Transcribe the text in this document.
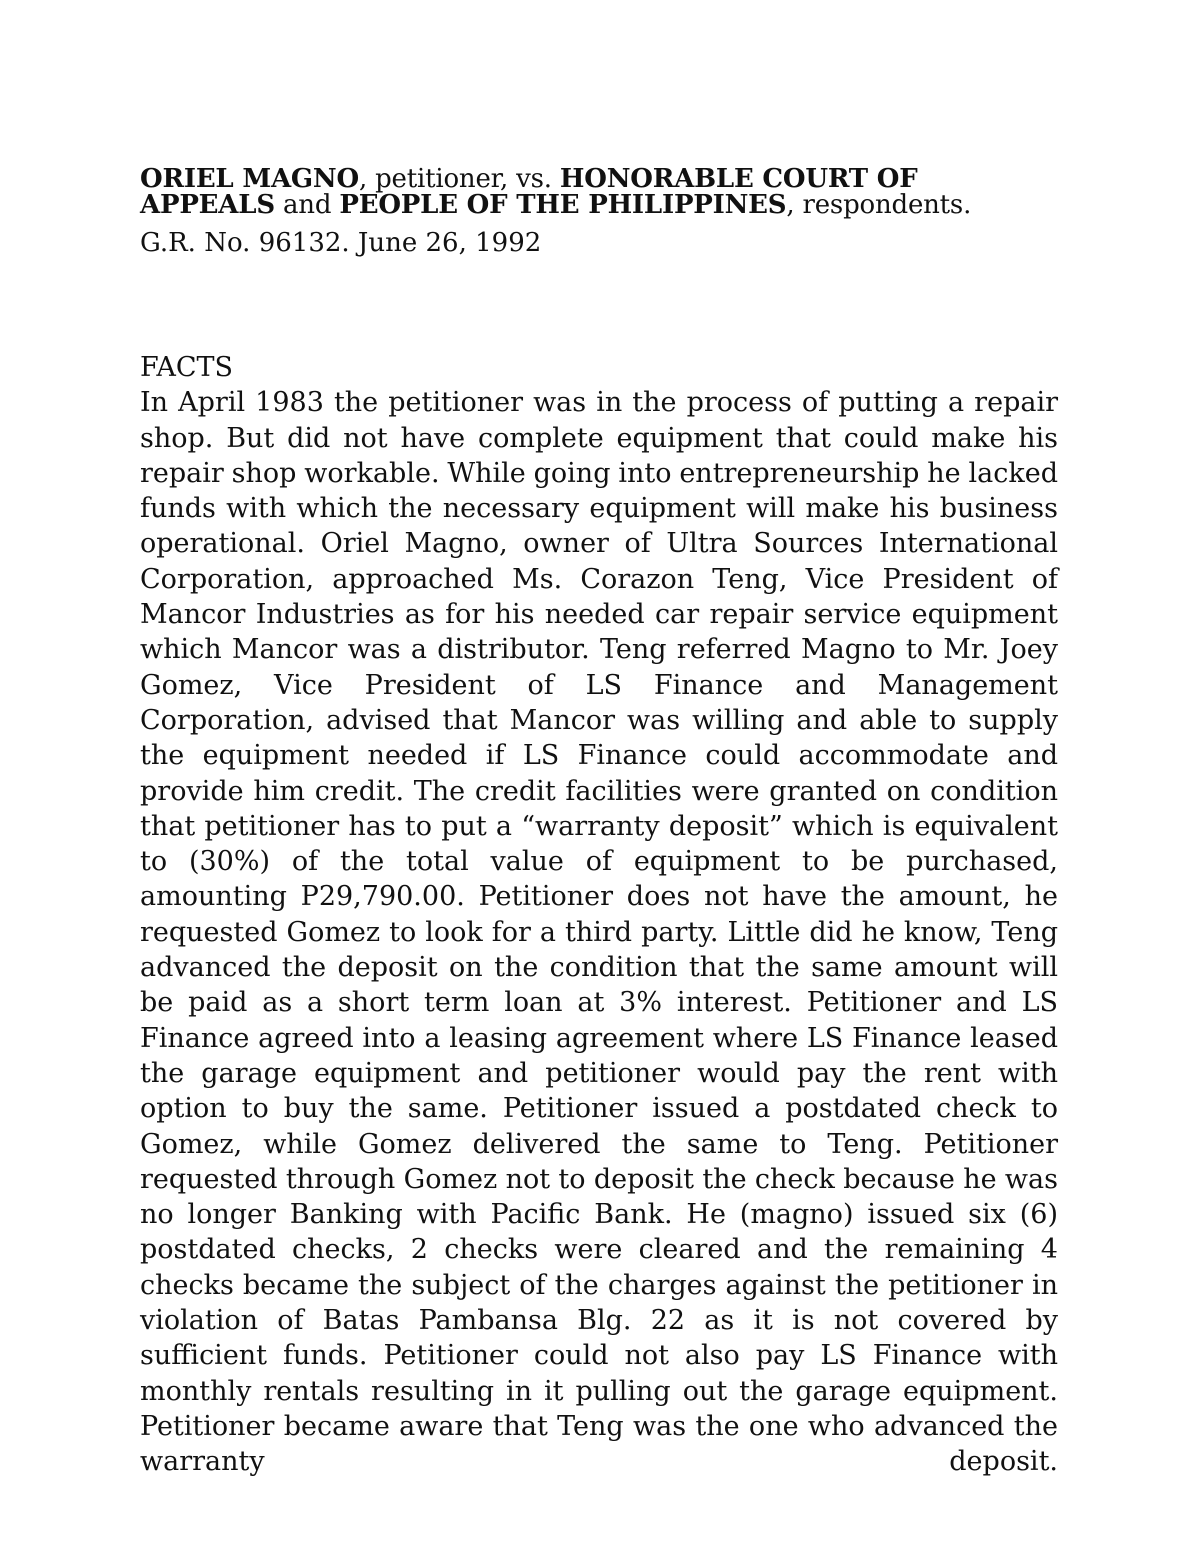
ORIEL MAGNO, petitioner, vs. HONORABLE COURT OF APPEALS and PEOPLE OF THE PHILIPPINES, respondents.

G.R. No. 96132. June 26, 1992

FACTS

In April 1983 the petitioner was in the process of putting a repair shop. But did not have complete equipment that could make his repair shop workable. While going into entrepreneurship he lacked funds with which the necessary equipment will make his business operational. Oriel Magno, owner of Ultra Sources International Corporation, approached Ms. Corazon Teng, Vice President of Mancor Industries as for his needed car repair service equipment which Mancor was a distributor. Teng referred Magno to Mr. Joey Gomez, Vice President of LS Finance and Management Corporation, advised that Mancor was willing and able to supply the equipment needed if LS Finance could accommodate and provide him credit. The credit facilities were granted on condition that petitioner has to put a “warranty deposit” which is equivalent to (30%) of the total value of equipment to be purchased, amounting P29,790.00. Petitioner does not have the amount, he requested Gomez to look for a third party. Little did he know, Teng advanced the deposit on the condition that the same amount will be paid as a short term loan at 3% interest. Petitioner and LS Finance agreed into a leasing agreement where LS Finance leased the garage equipment and petitioner would pay the rent with option to buy the same. Petitioner issued a postdated check to Gomez, while Gomez delivered the same to Teng. Petitioner requested through Gomez not to deposit the check because he was no longer Banking with Pacific Bank. He (magno) issued six (6) postdated checks, 2 checks were cleared and the remaining 4 checks became the subject of the charges against the petitioner in violation of Batas Pambansa Blg. 22 as it is not covered by sufficient funds. Petitioner could not also pay LS Finance with monthly rentals resulting in it pulling out the garage equipment. Petitioner became aware that Teng was the one who advanced the warranty deposit.
